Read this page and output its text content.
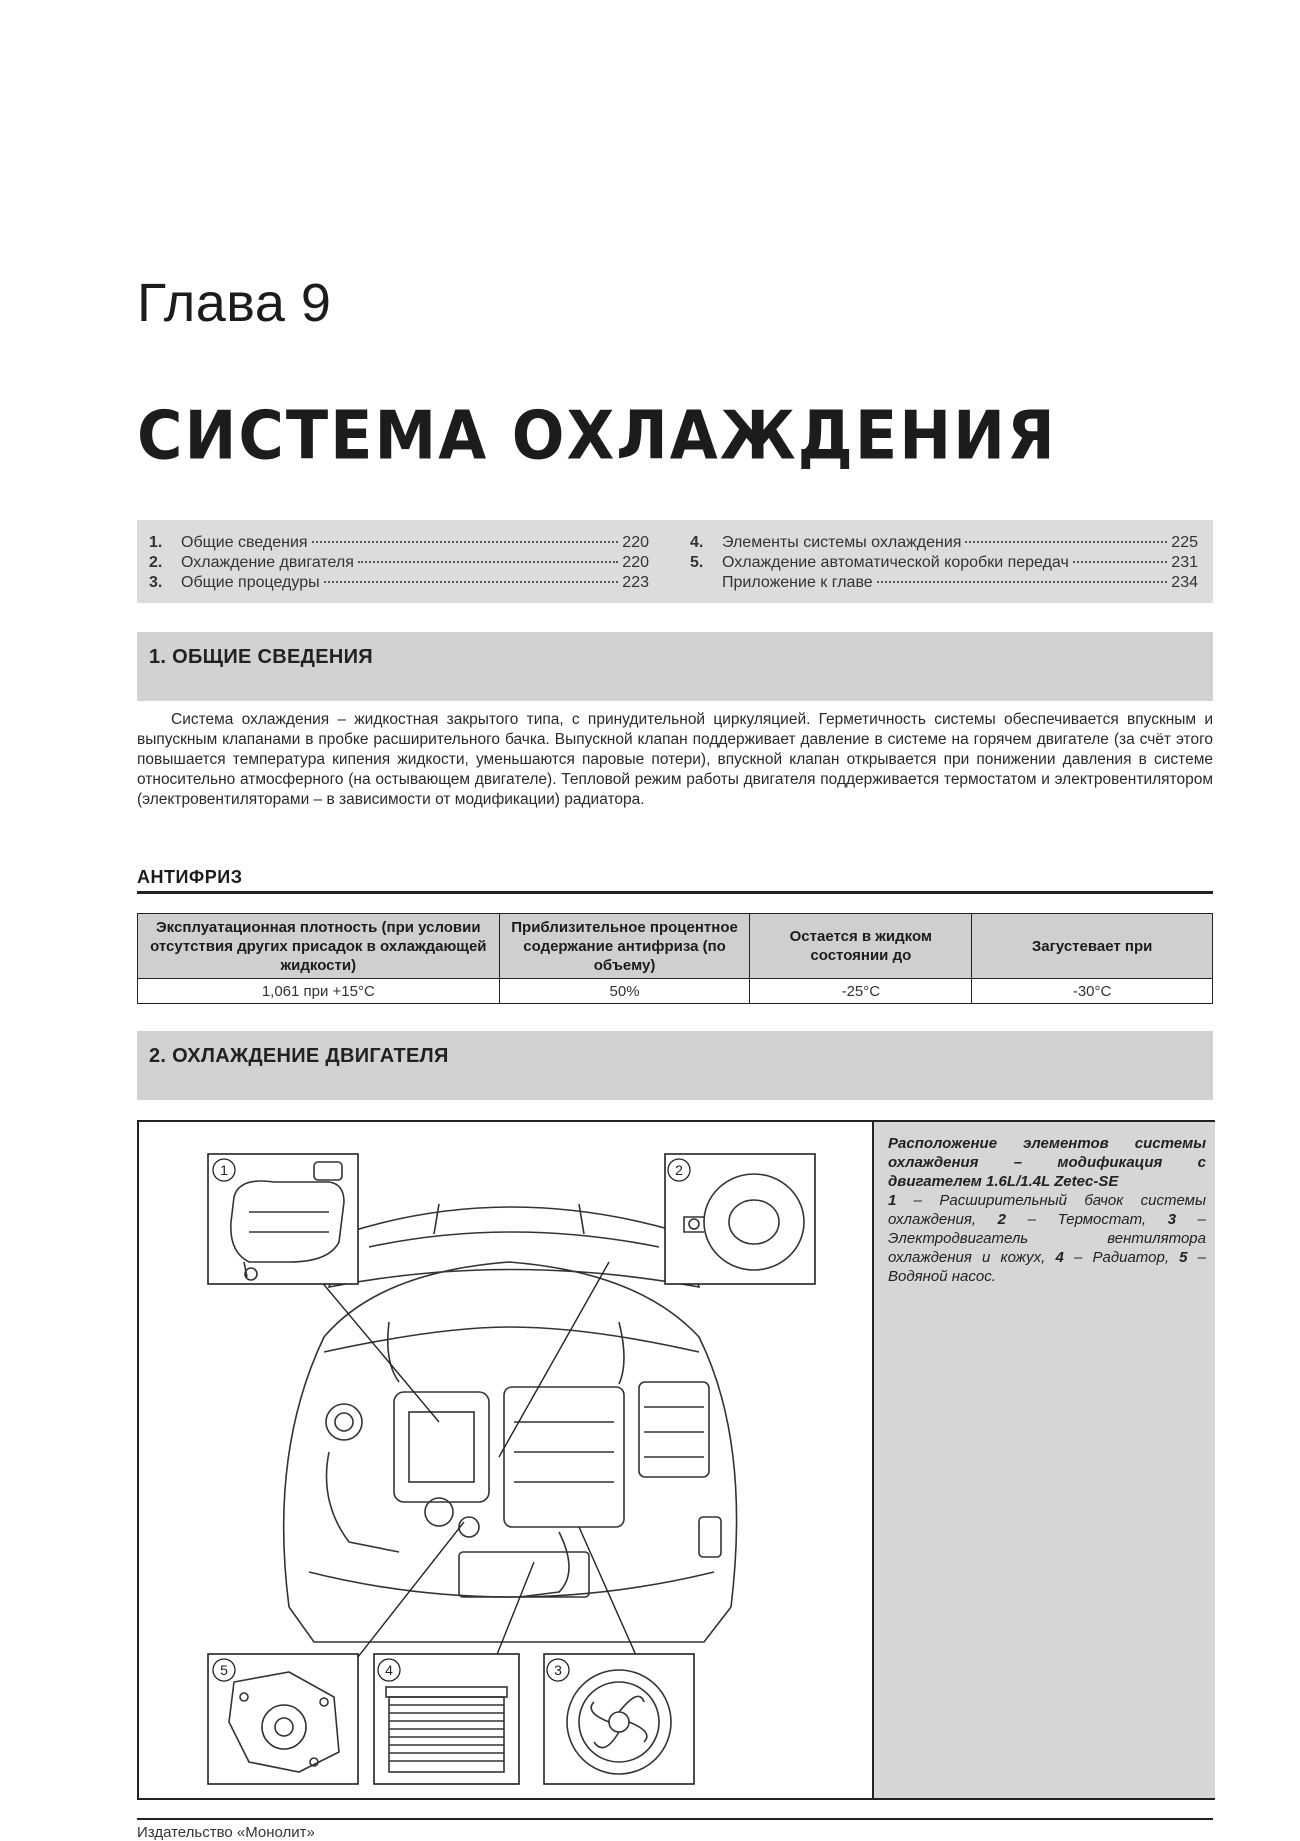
Глава 9
СИСТЕМА ОХЛАЖДЕНИЯ
1.	Общие сведения	220
2.	Охлаждение двигателя	220
3.	Общие процедуры	223
4.	Элементы системы охлаждения	225
5.	Охлаждение автоматической коробки передач	231
Приложение к главе	234
1. ОБЩИЕ СВЕДЕНИЯ
Система охлаждения – жидкостная закрытого типа, с принудительной циркуляцией. Герметичность системы обеспечивается впускным и выпускным клапанами в пробке расширительного бачка. Выпускной клапан поддерживает давление в системе на горячем двигателе (за счёт этого повышается температура кипения жидкости, уменьшаются паровые потери), впускной клапан открывается при понижении давления в системе относительно атмосферного (на остывающем двигателе). Тепловой режим работы двигателя поддерживается термостатом и электровентилятором (электровентиляторами – в зависимости от модификации) радиатора.
АНТИФРИЗ
Эксплуатационная плотность (при условии отсутствия других присадок в охлаждающей жидкости)	Приблизительное процентное содержание антифриза (по объему)	Остается в жидком состоянии до	Загустевает при
1,061 при +15°С	50%	-25°С	-30°С
2. ОХЛАЖДЕНИЕ ДВИГАТЕЛЯ
1	2
3
4
5
Расположение элементов системы охлаждения – модификация с двигателем 1.6L/1.4L Zetec-SE
1 – Расширительный бачок системы охлаждения, 2 – Термостат, 3 – Электродвигатель вентилятора охлаждения и кожух, 4 – Радиатор, 5 – Водяной насос.
Издательство «Монолит»
